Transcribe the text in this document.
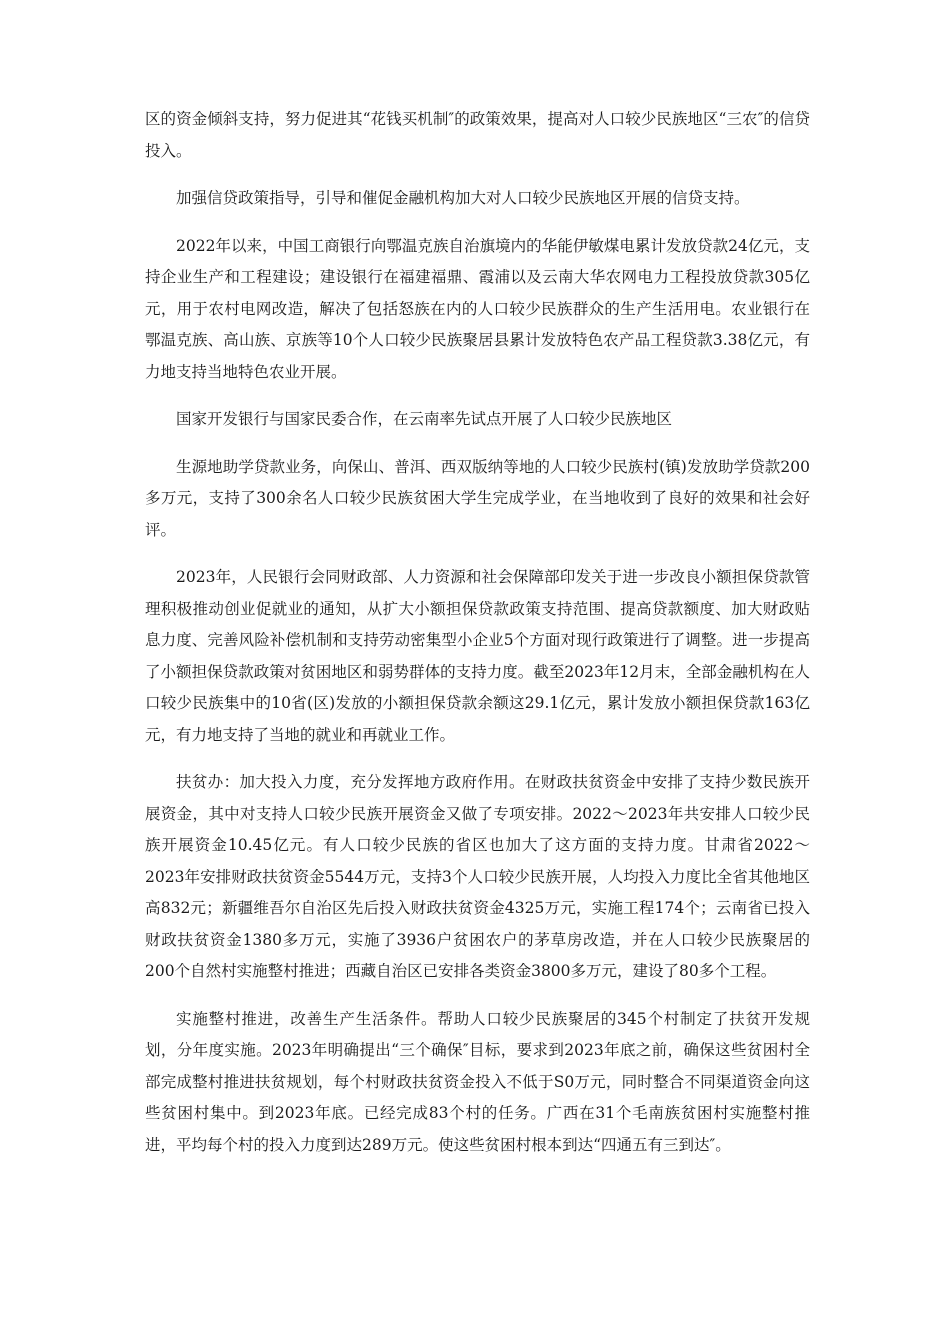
区的资金倾斜支持，努力促进其“花钱买机制″的政策效果，提高对人口较少民族地区“三农″的信贷投入。

加强信贷政策指导，引导和催促金融机构加大对人口较少民族地区开展的信贷支持。

2022年以来，中国工商银行向鄂温克族自治旗境内的华能伊敏煤电累计发放贷款24亿元，支持企业生产和工程建设；建设银行在福建福鼎、霞浦以及云南大华农网电力工程投放贷款305亿元，用于农村电网改造，解决了包括怒族在内的人口较少民族群众的生产生活用电。农业银行在鄂温克族、高山族、京族等10个人口较少民族聚居县累计发放特色农产品工程贷款3.38亿元，有力地支持当地特色农业开展。

国家开发银行与国家民委合作，在云南率先试点开展了人口较少民族地区

生源地助学贷款业务，向保山、普洱、西双版纳等地的人口较少民族村(镇)发放助学贷款200多万元，支持了300余名人口较少民族贫困大学生完成学业，在当地收到了良好的效果和社会好评。

2023年，人民银行会同财政部、人力资源和社会保障部印发关于进一步改良小额担保贷款管理积极推动创业促就业的通知，从扩大小额担保贷款政策支持范围、提高贷款额度、加大财政贴息力度、完善风险补偿机制和支持劳动密集型小企业5个方面对现行政策进行了调整。进一步提高了小额担保贷款政策对贫困地区和弱势群体的支持力度。截至2023年12月末，全部金融机构在人口较少民族集中的10省(区)发放的小额担保贷款余额这29.1亿元，累计发放小额担保贷款163亿元，有力地支持了当地的就业和再就业工作。

扶贫办：加大投入力度，充分发挥地方政府作用。在财政扶贫资金中安排了支持少数民族开展资金，其中对支持人口较少民族开展资金又做了专项安排。2022～2023年共安排人口较少民族开展资金10.45亿元。有人口较少民族的省区也加大了这方面的支持力度。甘肃省2022～2023年安排财政扶贫资金5544万元，支持3个人口较少民族开展，人均投入力度比全省其他地区高832元；新疆维吾尔自治区先后投入财政扶贫资金4325万元，实施工程174个；云南省已投入财政扶贫资金1380多万元，实施了3936户贫困农户的茅草房改造，并在人口较少民族聚居的200个自然村实施整村推进；西藏自治区已安排各类资金3800多万元，建设了80多个工程。

实施整村推进，改善生产生活条件。帮助人口较少民族聚居的345个村制定了扶贫开发规划，分年度实施。2023年明确提出“三个确保″目标，要求到2023年底之前，确保这些贫困村全部完成整村推进扶贫规划，每个村财政扶贫资金投入不低于S0万元，同时整合不同渠道资金向这些贫困村集中。到2023年底。已经完成83个村的任务。广西在31个毛南族贫困村实施整村推进，平均每个村的投入力度到达289万元。使这些贫困村根本到达“四通五有三到达″。
